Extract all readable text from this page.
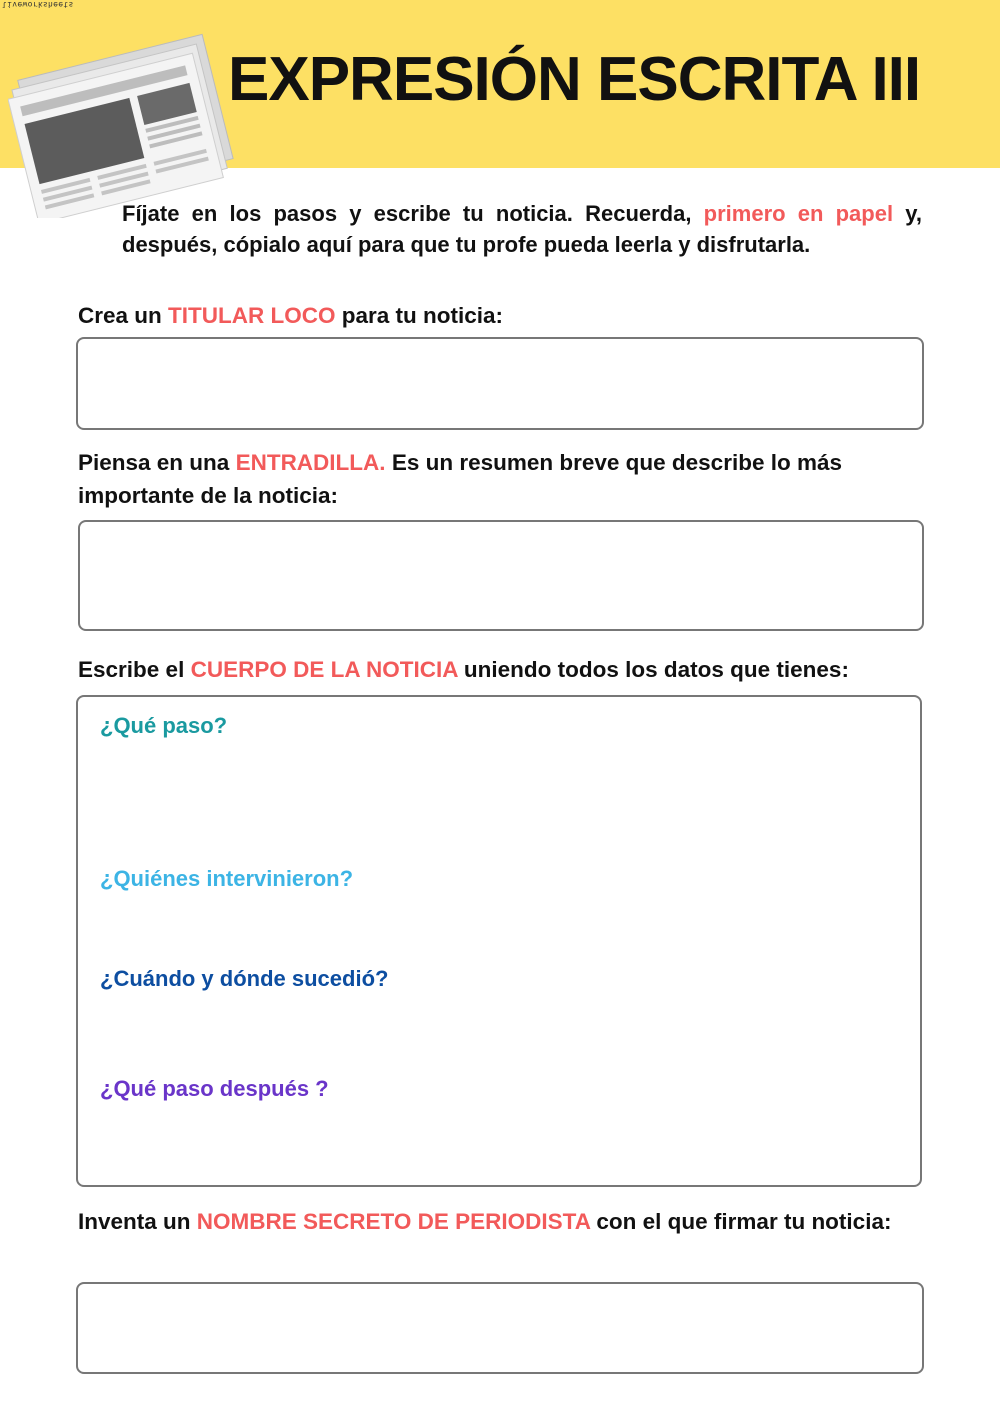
liveworksheets
EXPRESIÓN ESCRITA III

Fíjate en los pasos y escribe tu noticia. Recuerda, primero en papel y, después, cópialo aquí para que tu profe pueda leerla y disfrutarla.

Crea un TITULAR LOCO para tu noticia:

Piensa en una ENTRADILLA. Es un resumen breve que describe lo más importante de la noticia:

Escribe el CUERPO DE LA NOTICIA uniendo todos los datos que tienes:

¿Qué paso?
¿Quiénes intervinieron?
¿Cuándo y dónde sucedió?
¿Qué paso después ?

Inventa un NOMBRE SECRETO DE PERIODISTA con el que firmar tu noticia:
